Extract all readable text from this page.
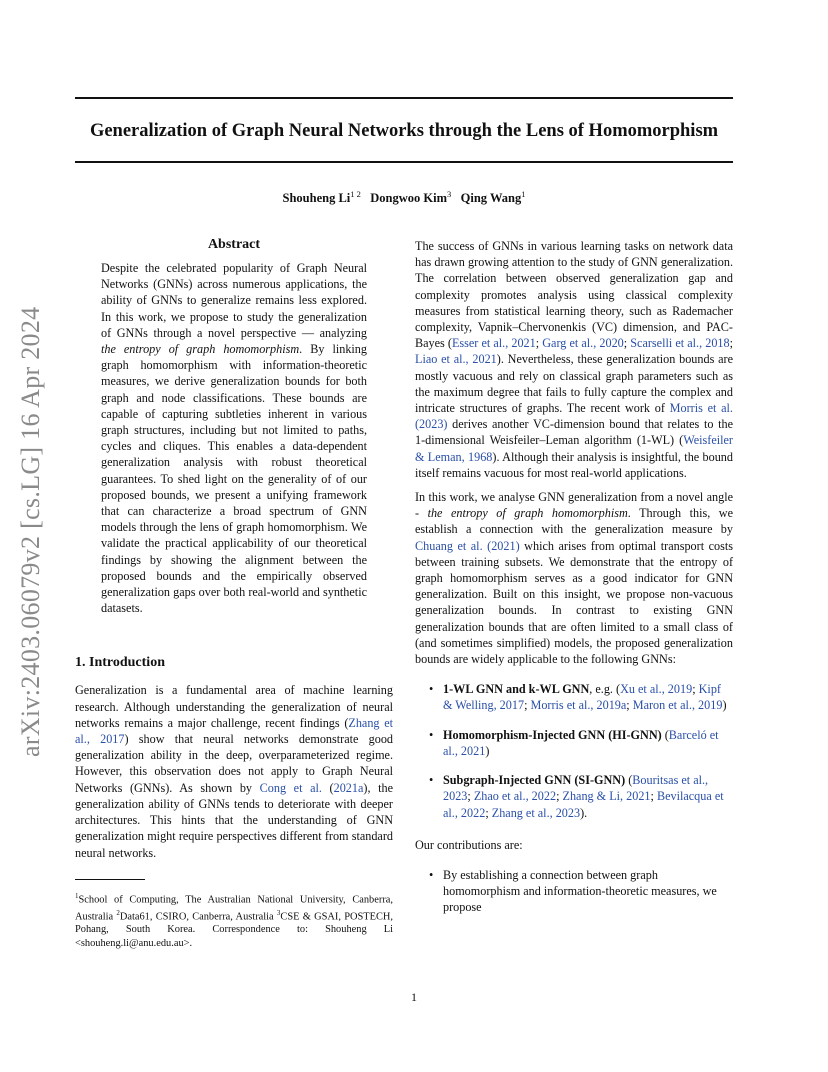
Generalization of Graph Neural Networks through the Lens of Homomorphism

Shouheng $Li^{1 2}$ Dongwoo Kim$^3$ Qing Wang$^1$

arXiv:2403.06079v2 [cs.LG] 16 Apr 2024
Abstract

Despite the celebrated popularity of Graph Neural Networks (GNNs) across numerous applications, the ability of GNNs to generalize remains less explored. In this work, we propose to study the generalization of GNNs through a novel perspective — analyzing the entropy of graph homomorphism. By linking graph homomorphism with information-theoretic measures, we derive generalization bounds for both graph and node classifications. These bounds are capable of capturing subtleties inherent in various graph structures, including but not limited to paths, cycles and cliques. This enables a data-dependent generalization analysis with robust theoretical guarantees. To shed light on the generality of of our proposed bounds, we present a unifying framework that can characterize a broad spectrum of GNN models through the lens of graph homomorphism. We validate the practical applicability of our theoretical findings by showing the alignment between the proposed bounds and the empirically observed generalization gaps over both real-world and synthetic datasets.

1. Introduction

Generalization is a fundamental area of machine learning research. Although understanding the generalization of neural networks remains a major challenge, recent findings (Zhang et al., 2017) show that neural networks demonstrate good generalization ability in the deep, overparameterized regime. However, this observation does not apply to Graph Neural Networks (GNNs). As shown by Cong et al. (2021a), the generalization ability of GNNs tends to deteriorate with deeper architectures. This hints that the understanding of GNN generalization might require perspectives different from standard neural networks.

$^1$School of Computing, The Australian National University, Canberra, Australia $^2$Data61, CSIRO, Canberra, Australia $^3$CSE & GSAI, POSTECH, Pohang, South Korea. Correspondence to: Shouheng Li <shouheng.li@anu.edu.au>.

The success of GNNs in various learning tasks on network data has drawn growing attention to the study of GNN generalization. The correlation between observed generalization gap and complexity promotes analysis using classical complexity measures from statistical learning theory, such as Rademacher complexity, Vapnik–Chervonenkis (VC) dimension, and PAC-Bayes (Esser et al., 2021; Garg et al., 2020; Scarselli et al., 2018; Liao et al., 2021). Nevertheless, these generalization bounds are mostly vacuous and rely on classical graph parameters such as the maximum degree that fails to fully capture the complex and intricate structures of graphs. The recent work of Morris et al. (2023) derives another VC-dimension bound that relates to the 1-dimensional Weisfeiler–Leman algorithm (1-WL) (Weisfeiler & Leman, 1968). Although their analysis is insightful, the bound itself remains vacuous for most real-world applications.

In this work, we analyse GNN generalization from a novel angle - the entropy of graph homomorphism. Through this, we establish a connection with the generalization measure by Chuang et al. (2021) which arises from optimal transport costs between training subsets. We demonstrate that the entropy of graph homomorphism serves as a good indicator for GNN generalization. Built on this insight, we propose non-vacuous generalization bounds. In contrast to existing GNN generalization bounds that are often limited to a small class of (and sometimes simplified) models, the proposed generalization bounds are widely applicable to the following GNNs:

• 1-WL GNN and k-WL GNN, e.g. (Xu et al., 2019; Kipf & Welling, 2017; Morris et al., 2019a; Maron et al., 2019)
• Homomorphism-Injected GNN (HI-GNN) (Barceló et al., 2021)
• Subgraph-Injected GNN (SI-GNN) (Bouritsas et al., 2023; Zhao et al., 2022; Zhang & Li, 2021; Bevilacqua et al., 2022; Zhang et al., 2023).

Our contributions are:

• By establishing a connection between graph homomorphism and information-theoretic measures, we propose
1
